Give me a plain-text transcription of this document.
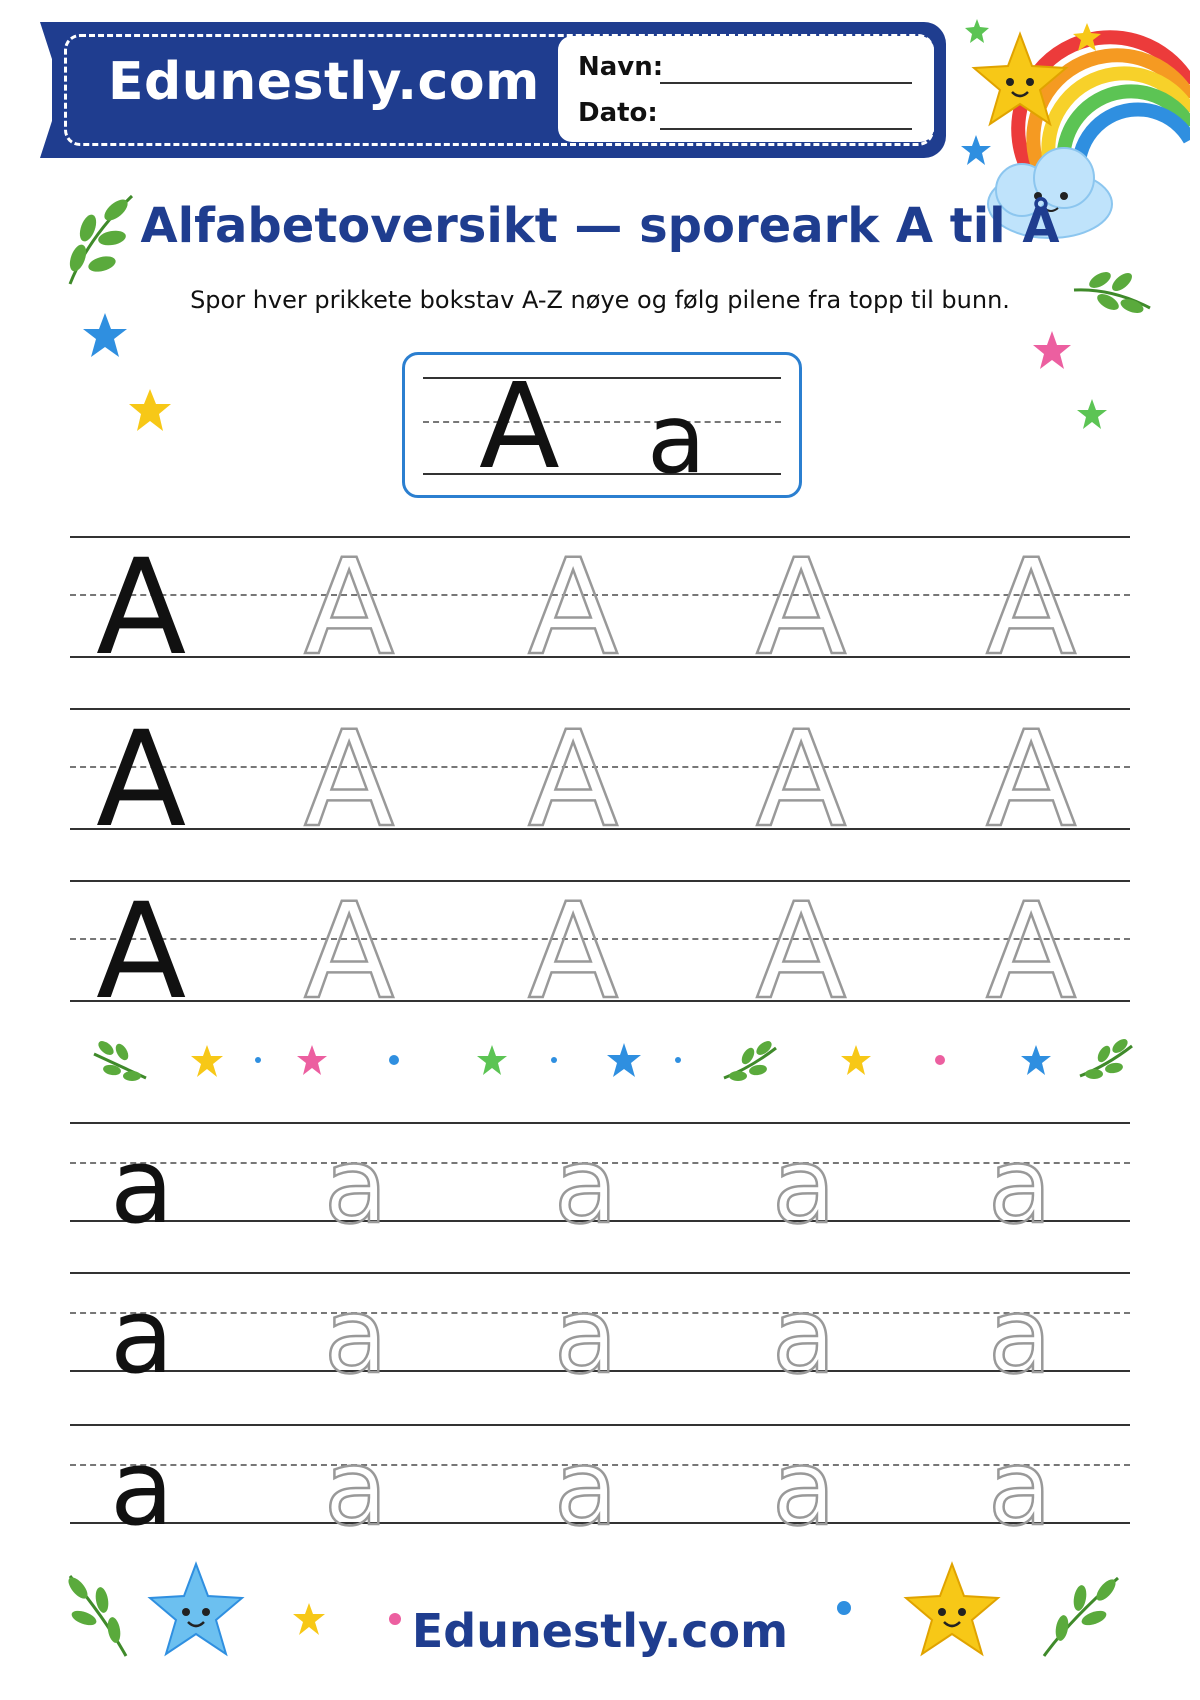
Edunestly.com Navn:
Dato:
Alfabetoversikt — sporeark A til Å
Spor hver prikkete bokstav A-Z nøye og følg pilene fra topp til bunn.
A a
A A A A A
A A A A A
A A A A A
a a a a a
a a a a a
a a a a a
Edunestly.com
